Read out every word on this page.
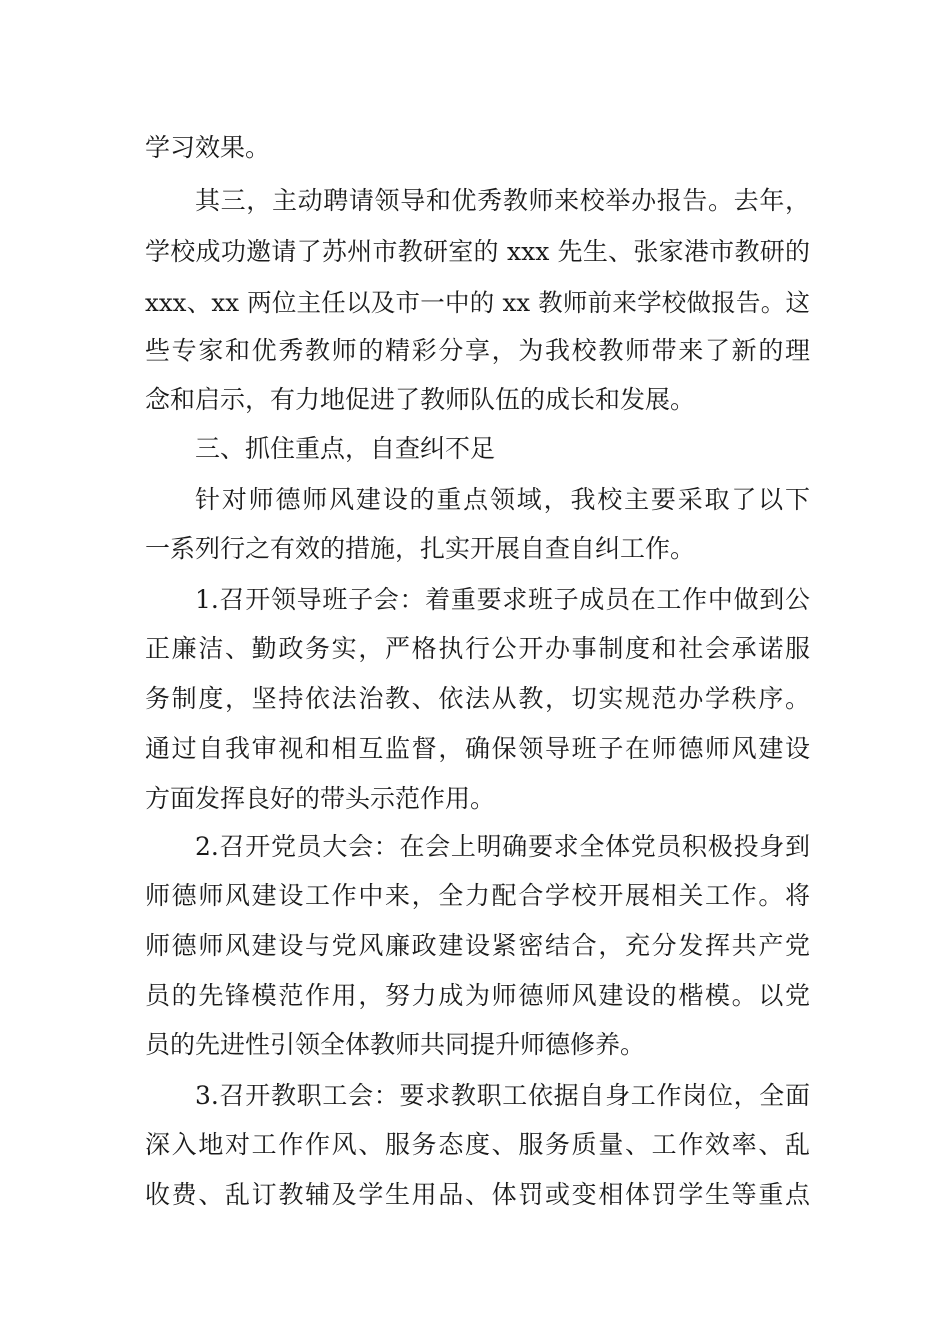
学习效果。
其三，主动聘请领导和优秀教师来校举办报告。去年，
学校成功邀请了苏州市教研室的 xxx 先生、张家港市教研的
xxx、xx 两位主任以及市一中的 xx 教师前来学校做报告。这
些专家和优秀教师的精彩分享，为我校教师带来了新的理
念和启示，有力地促进了教师队伍的成长和发展。
三、抓住重点，自查纠不足
针对师德师风建设的重点领域，我校主要采取了以下
一系列行之有效的措施，扎实开展自查自纠工作。
1.召开领导班子会：着重要求班子成员在工作中做到公
正廉洁、勤政务实，严格执行公开办事制度和社会承诺服
务制度，坚持依法治教、依法从教，切实规范办学秩序。
通过自我审视和相互监督，确保领导班子在师德师风建设
方面发挥良好的带头示范作用。
2.召开党员大会：在会上明确要求全体党员积极投身到
师德师风建设工作中来，全力配合学校开展相关工作。将
师德师风建设与党风廉政建设紧密结合，充分发挥共产党
员的先锋模范作用，努力成为师德师风建设的楷模。以党
员的先进性引领全体教师共同提升师德修养。
3.召开教职工会：要求教职工依据自身工作岗位，全面
深入地对工作作风、服务态度、服务质量、工作效率、乱
收费、乱订教辅及学生用品、体罚或变相体罚学生等重点
